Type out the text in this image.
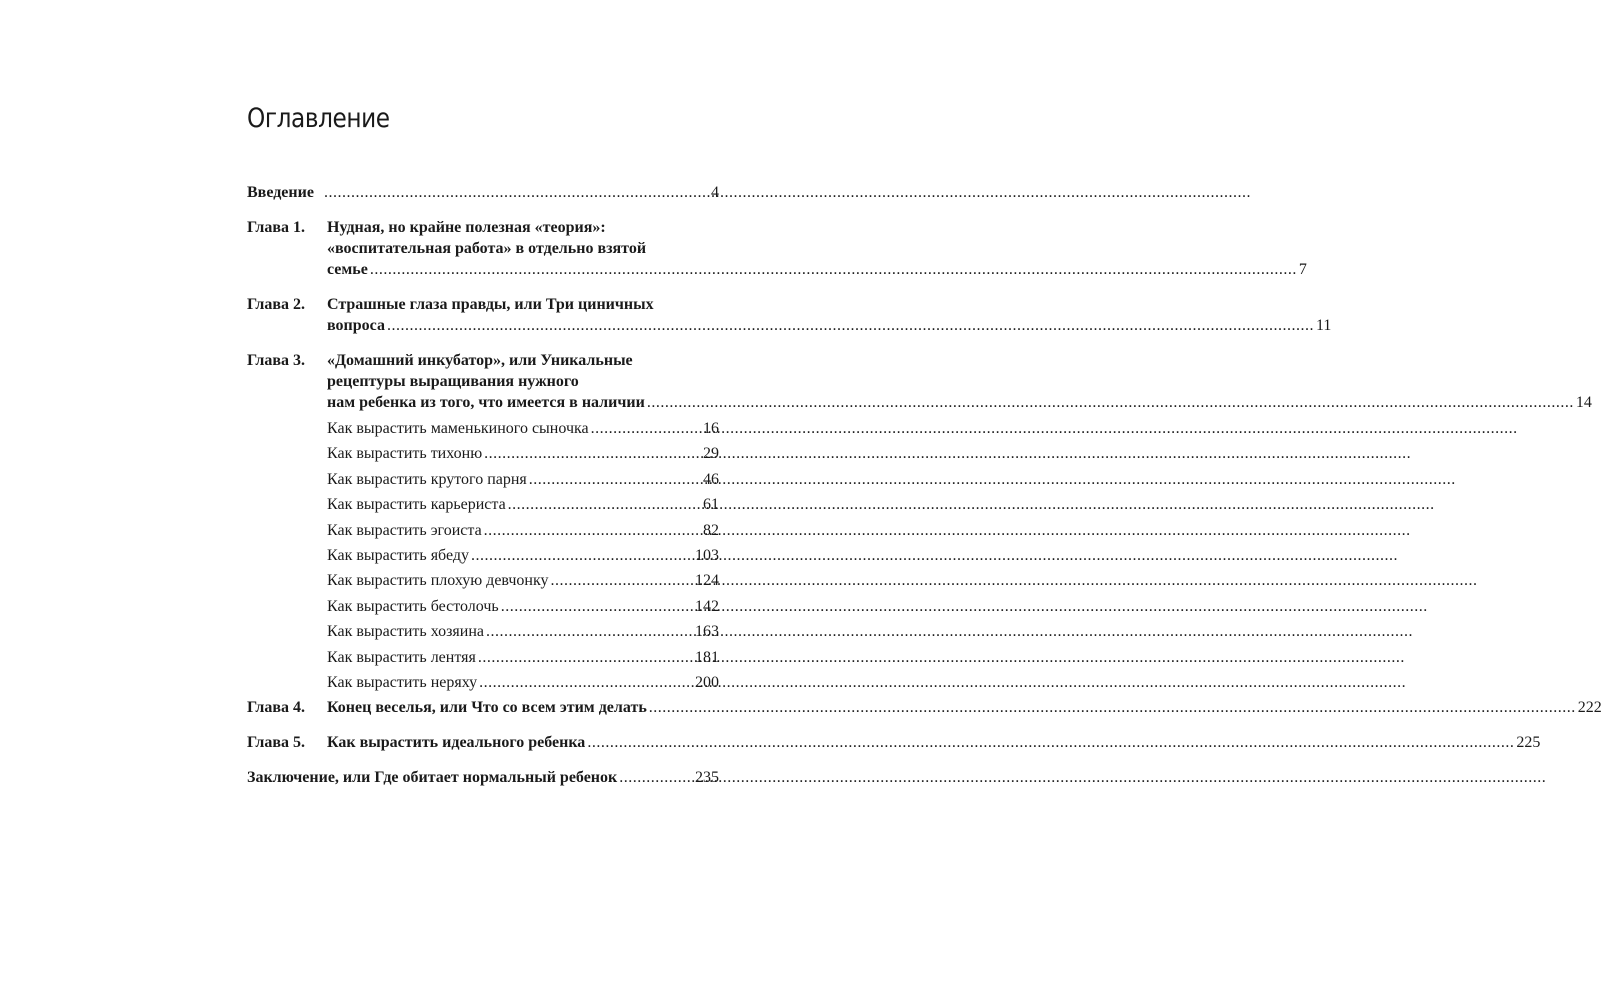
Оглавление
Введение .....	4
Глава 1.	Нудная, но крайне полезная «теория»:
«воспитательная работа» в отдельно взятой
семье .....	7
Глава 2.	Страшные глаза правды, или Три циничных
вопроса .....	11
Глава 3.	«Домашний инкубатор», или Уникальные
рецептуры выращивания нужного
нам ребенка из того, что имеется в наличии .....	14
Как вырастить маменькиного сыночка .....	16
Как вырастить тихоню .....	29
Как вырастить крутого парня .....	46
Как вырастить карьериста .....	61
Как вырастить эгоиста .....	82
Как вырастить ябеду .....	103
Как вырастить плохую девчонку .....	124
Как вырастить бестолочь .....	142
Как вырастить хозяина .....	163
Как вырастить лентяя .....	181
Как вырастить неряху .....	200
Глава 4.	Конец веселья, или Что со всем этим делать .....	222
Глава 5.	Как вырастить идеального ребенка .....	225
Заключение, или Где обитает нормальный ребенок .....	235
